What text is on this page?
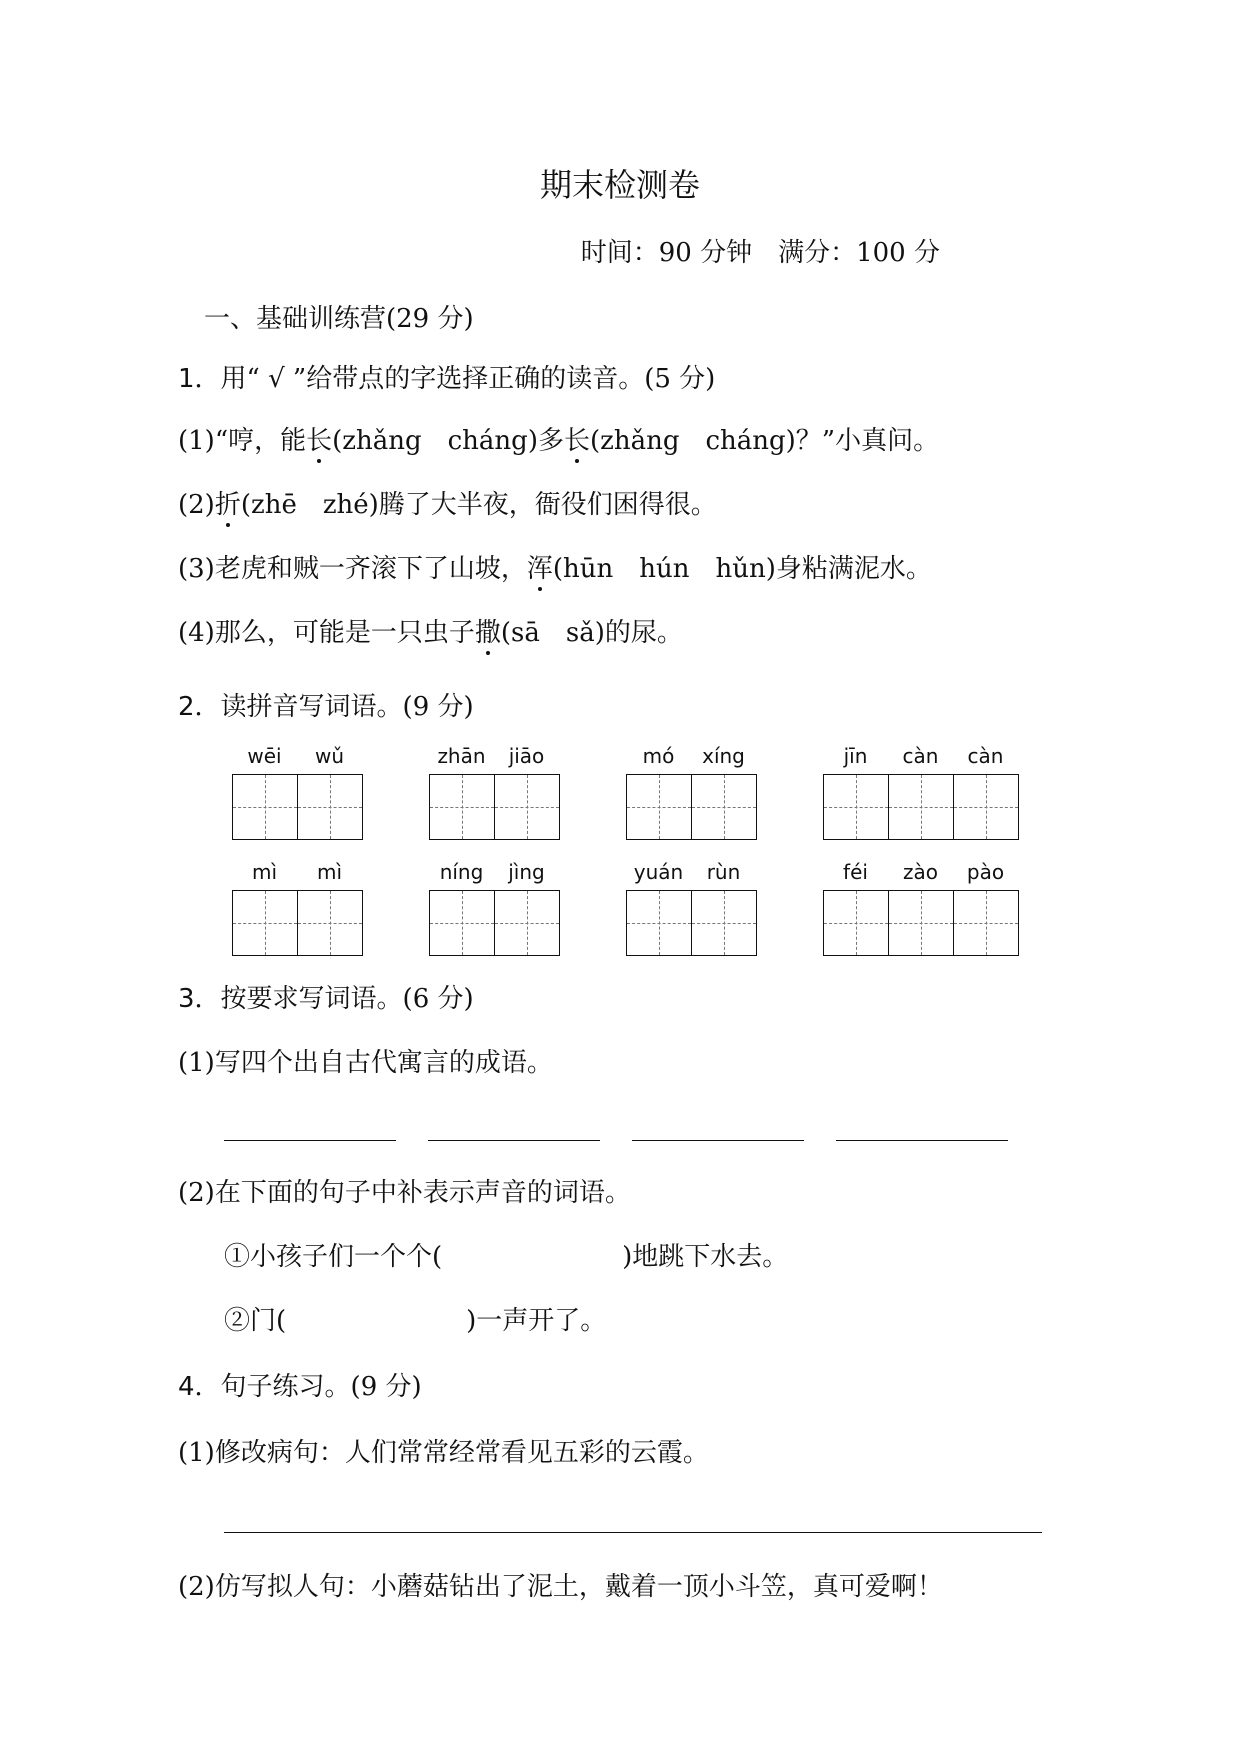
期末检测卷
时间：90 分钟　满分：100 分
一、基础训练营(29 分)
1．用“ √ ”给带点的字选择正确的读音。(5 分)
(1)“哼，能长(zhǎng　cháng)多长(zhǎng　cháng)？”小真问。
(2)折(zhē　zhé)腾了大半夜，衙役们困得很。
(3)老虎和贼一齐滚下了山坡，浑(hūn　hún　hǔn)身粘满泥水。
(4)那么，可能是一只虫子撒(sā　sǎ)的尿。
2．读拼音写词语。(9 分)
wēi	wǔ	zhān	jiāo	mó	xíng	jīn	càn	càn
mì	mì	níng	jìng	yuán	rùn	féi	zào	pào
3．按要求写词语。(6 分)
(1)写四个出自古代寓言的成语。
(2)在下面的句子中补表示声音的词语。
①小孩子们一个个(	)地跳下水去。
②门(	)一声开了。
4．句子练习。(9 分)
(1)修改病句：人们常常经常看见五彩的云霞。
(2)仿写拟人句：小蘑菇钻出了泥土，戴着一顶小斗笠，真可爱啊！
